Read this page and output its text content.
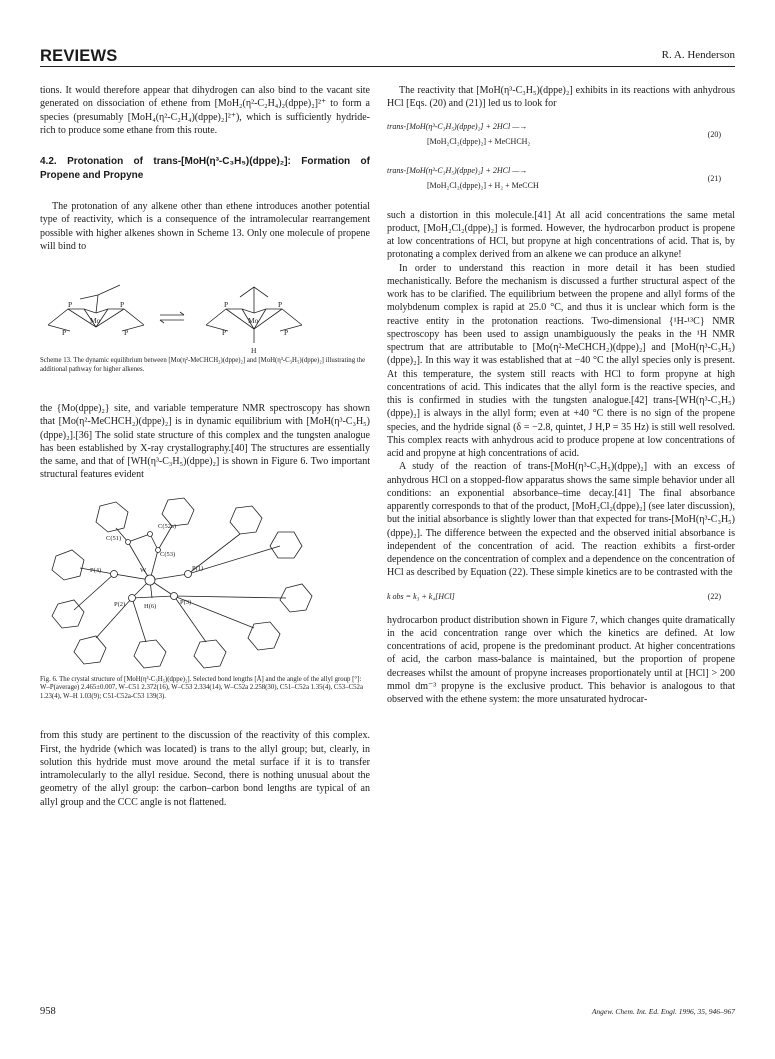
REVIEWS	R. A. Henderson

tions. It would therefore appear that dihydrogen can also bind to the vacant site generated on dissociation of ethene from [MoH₂(η²-C₂H₄)₂(dppe)₂]²⁺ to form a species (presumably [MoH₄(η²-C₂H₄)(dppe)₂]²⁺), which is sufficiently hydride-rich to produce some ethane from this route.

4.2. Protonation of trans-[MoH(η³-C₃H₅)(dppe)₂]: Formation of Propene and Propyne

The protonation of any alkene other than ethene introduces another potential type of reactivity, which is a consequence of the intramolecular rearrangement possible with higher alkenes shown in Scheme 13. Only one molecule of propene will bind to

P	P
P	P
Mo
P	P
P	P
Mo
H

Scheme 13. The dynamic equilibrium between [Mo(η²-MeCHCH₂)(dppe)₂] and [MoH(η³-C₃H₅)(dppe)₂] illustrating the additional pathway for higher alkenes.

the {Mo(dppe)₂} site, and variable temperature NMR spectroscopy has shown that [Mo(η²-MeCHCH₂)(dppe)₂] is in dynamic equilibrium with [MoH(η³-C₃H₅)(dppe)₂].[36] The solid state structure of this complex and the tungsten analogue has been established by X-ray crystallography.[40] The structures are essentially the same, and that of [WH(η³-C₃H₅)(dppe)₂] is shown in Figure 6. Two important structural features evident

C(51)
C(52a)
C(53)
W	P(1)
P(4)
P(2)	P(3)
H(6)

Fig. 6. The crystal structure of [MoH(η³-C₃H₅)(dppe)₂]. Selected bond lengths [Å] and the angle of the allyl group [°]: W–P(average) 2.465±0.007, W–C51 2.372(16), W–C53 2.334(14), W–C52a 2.258(30), C51–C52a 1.35(4), C53–C52a 1.23(4), W–H 1.03(9); C51-C52a-C53 139(3).

from this study are pertinent to the discussion of the reactivity of this complex. First, the hydride (which was located) is trans to the allyl group; but, clearly, in solution this hydride must move around the metal surface if it is to transfer intramolecularly to the allyl residue. Second, there is nothing unusual about the geometry of the allyl group: the carbon–carbon bond lengths are typical of an allyl group and the CCC angle is not flattened.

The reactivity that [MoH(η³-C₃H₅)(dppe)₂] exhibits in its reactions with anhydrous HCl [Eqs. (20) and (21)] led us to look for

trans-[MoH(η³-C₃H₅)(dppe)₂] + 2HCl —→
[MoH₂Cl₂(dppe)₂] + MeCHCH₂
(20)
trans-[MoH(η³-C₃H₅)(dppe)₂] + 2HCl —→
[MoH₂Cl₂(dppe)₂] + H₂ + MeCCH
(21)

such a distortion in this molecule.[41] At all acid concentrations the same metal product, [MoH₂Cl₂(dppe)₂] is formed. However, the hydrocarbon product is propene at low concentrations of HCl, but propyne at high concentrations of acid. That is, by protonating a complex derived from an alkene we can produce an alkyne!

In order to understand this reaction in more detail it has been studied mechanistically. Before the mechanism is discussed a further structural aspect of the work has to be clarified. The equilibrium between the propene and allyl forms of the molybdenum complex is rapid at 25.0 °C, and thus it is unclear which form is the reactive entity in the protonation reactions. Two-dimensional {¹H-¹³C} NMR spectroscopy has been used to assign unambiguously the peaks in the ¹H NMR spectrum that are attributable to [Mo(η²-MeCHCH₂)(dppe)₂] and [MoH(η³-C₃H₅)(dppe)₂]. In this way it was established that at −40 °C the allyl species only is present. At this temperature, the system still reacts with HCl to form propyne at high concentrations of acid. This indicates that the allyl form is the reactive species, and this is confirmed in studies with the tungsten analogue.[42] trans-[WH(η³-C₃H₅)(dppe)₂] is always in the allyl form; even at +40 °C there is no sign of the propene species, and the hydride signal (δ = −2.8, quintet, J H,P = 35 Hz) is still well resolved. This complex reacts with anhydrous acid to produce propene at low concentrations of acid and propyne at high concentrations of acid.

A study of the reaction of trans-[MoH(η³-C₃H₅)(dppe)₂] with an excess of anhydrous HCl on a stopped-flow apparatus shows the same simple behavior under all conditions: an exponential absorbance–time decay.[41] The final absorbance apparently corresponds to that of the product, [MoH₂Cl₂(dppe)₂] (see later discussion), but the initial absorbance is slightly lower than that expected for trans-[MoH(η³-C₃H₅)(dppe)₂]. The difference between the expected and the observed initial absorbance is independent of the concentration of acid. The reaction exhibits a first-order dependence on the concentration of complex and a dependence on the concentration of HCl as described by Equation (22). These simple kinetics are to be contrasted with the

k obs = k₃ + k₄[HCl]	(22)

hydrocarbon product distribution shown in Figure 7, which changes quite dramatically in the acid concentration range over which the kinetics are defined. At low concentrations of acid, propene is the predominant product. At higher concentrations of acid, the carbon mass-balance is maintained, but the proportion of propene decreases whilst the amount of propyne increases proportionately until at [HCl] > 200 mmol dm⁻³ propyne is the exclusive product. This behavior is analogous to that observed with the ethene system: the more unsaturated hydrocar-

958	Angew. Chem. Int. Ed. Engl. 1996, 35, 946–967
